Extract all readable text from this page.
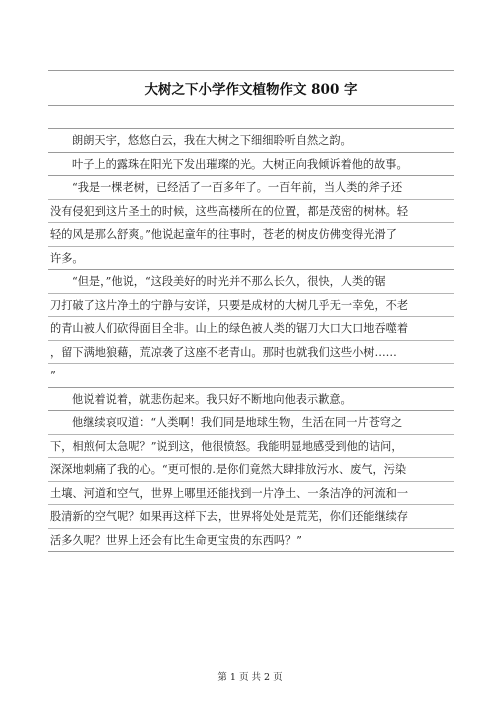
大树之下小学作文植物作文 800 字
朗朗天宇，悠悠白云，我在大树之下细细聆听自然之韵。
叶子上的露珠在阳光下发出璀璨的光。大树正向我倾诉着他的故事。
“我是一棵老树，已经活了一百多年了。一百年前，当人类的斧子还
没有侵犯到这片圣土的时候，这些高楼所在的位置，都是茂密的树林。轻
轻的风是那么舒爽。”他说起童年的往事时，苍老的树皮仿佛变得光滑了
许多。
“但是，”他说，“这段美好的时光并不那么长久，很快，人类的锯
刀打破了这片净土的宁静与安详，只要是成材的大树几乎无一幸免，不老
的青山被人们砍得面目全非。山上的绿色被人类的锯刀大口大口地吞噬着
，留下满地狼藉，荒凉袭了这座不老青山。那时也就我们这些小树……
”
他说着说着，就悲伤起来。我只好不断地向他表示歉意。
他继续哀叹道：“人类啊！我们同是地球生物，生活在同一片苍穹之
下，相煎何太急呢？”说到这，他很愤怒。我能明显地感受到他的诘问，
深深地刺痛了我的心。“更可恨的.是你们竟然大肆排放污水、废气，污染
土壤、河道和空气，世界上哪里还能找到一片净土、一条洁净的河流和一
股清新的空气呢？如果再这样下去，世界将处处是荒芜，你们还能继续存
活多久呢？世界上还会有比生命更宝贵的东西吗？”
第 1 页 共 2 页
